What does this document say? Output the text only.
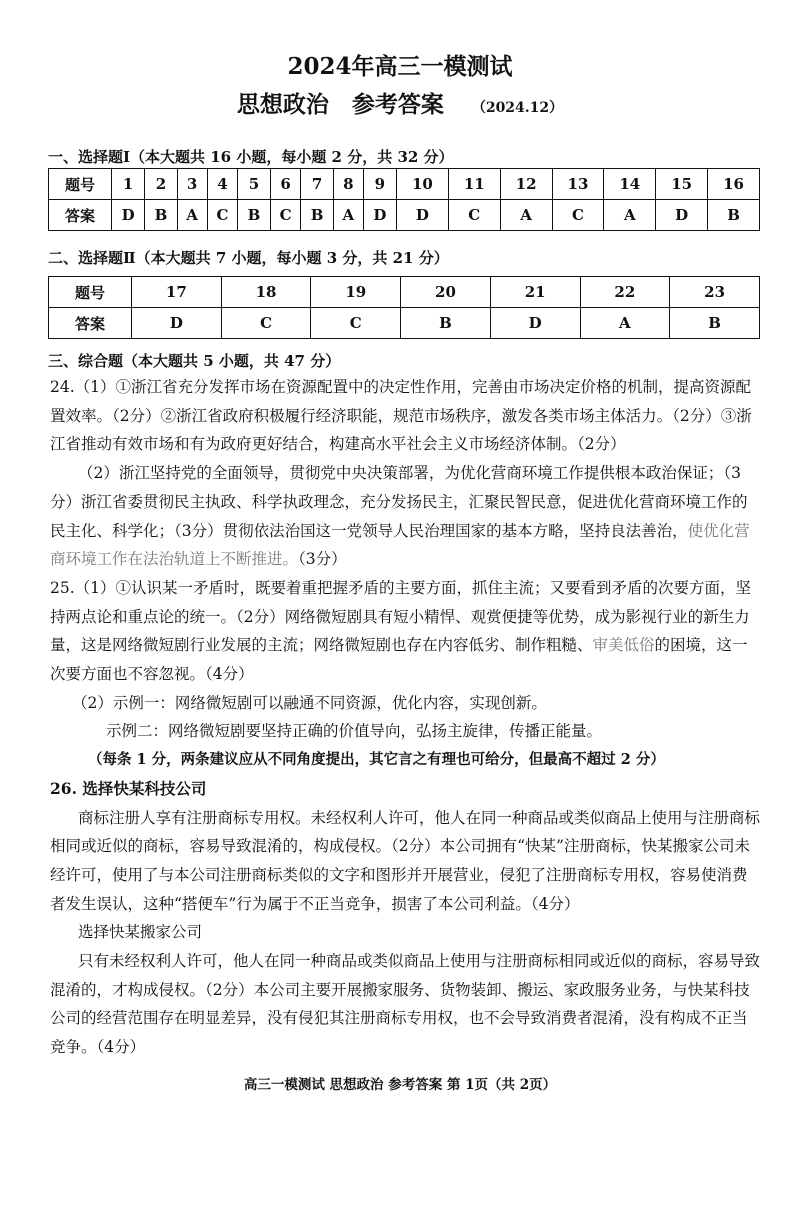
2024年高三一模测试
思想政治　参考答案 （2024.12）
一、选择题Ⅰ（本大题共 16 小题，每小题 2 分，共 32 分）
题号	1	2	3	4	5	6	7	8	9	10	11	12	13	14	15	16
答案	D	B	A	C	B	C	B	A	D	D	C	A	C	A	D	B
二、选择题Ⅱ（本大题共 7 小题，每小题 3 分，共 21 分）
题号	17	18	19	20	21	22	23
答案	D	C	C	B	D	A	B
三、综合题（本大题共 5 小题，共 47 分）

24.（1）①浙江省充分发挥市场在资源配置中的决定性作用，完善由市场决定价格的机制，提高资源配置效率。（2分）②浙江省政府积极履行经济职能，规范市场秩序，激发各类市场主体活力。（2分）③浙江省推动有效市场和有为政府更好结合，构建高水平社会主义市场经济体制。（2分）

（2）浙江坚持党的全面领导，贯彻党中央决策部署，为优化营商环境工作提供根本政治保证；（3分）浙江省委贯彻民主执政、科学执政理念，充分发扬民主，汇聚民智民意，促进优化营商环境工作的民主化、科学化；（3分）贯彻依法治国这一党领导人民治理国家的基本方略，坚持良法善治，使优化营商环境工作在法治轨道上不断推进。（3分）

25.（1）①认识某一矛盾时，既要着重把握矛盾的主要方面，抓住主流；又要看到矛盾的次要方面，坚持两点论和重点论的统一。（2分）网络微短剧具有短小精悍、观赏便捷等优势，成为影视行业的新生力量，这是网络微短剧行业发展的主流；网络微短剧也存在内容低劣、制作粗糙、审美低俗的困境，这一次要方面也不容忽视。（4分）

（2）示例一：网络微短剧可以融通不同资源，优化内容，实现创新。

示例二：网络微短剧要坚持正确的价值导向，弘扬主旋律，传播正能量。

（每条 1 分，两条建议应从不同角度提出，其它言之有理也可给分，但最高不超过 2 分）

26. 选择快某科技公司

商标注册人享有注册商标专用权。未经权利人许可，他人在同一种商品或类似商品上使用与注册商标相同或近似的商标，容易导致混淆的，构成侵权。（2分）本公司拥有“快某”注册商标，快某搬家公司未经许可，使用了与本公司注册商标类似的文字和图形并开展营业，侵犯了注册商标专用权，容易使消费者发生误认，这种“搭便车”行为属于不正当竞争，损害了本公司利益。（4分）

选择快某搬家公司

只有未经权利人许可，他人在同一种商品或类似商品上使用与注册商标相同或近似的商标，容易导致混淆的，才构成侵权。（2分）本公司主要开展搬家服务、货物装卸、搬运、家政服务业务，与快某科技公司的经营范围存在明显差异，没有侵犯其注册商标专用权，也不会导致消费者混淆，没有构成不正当竞争。（4分）

高三一模测试 思想政治 参考答案 第 1页（共 2页）
